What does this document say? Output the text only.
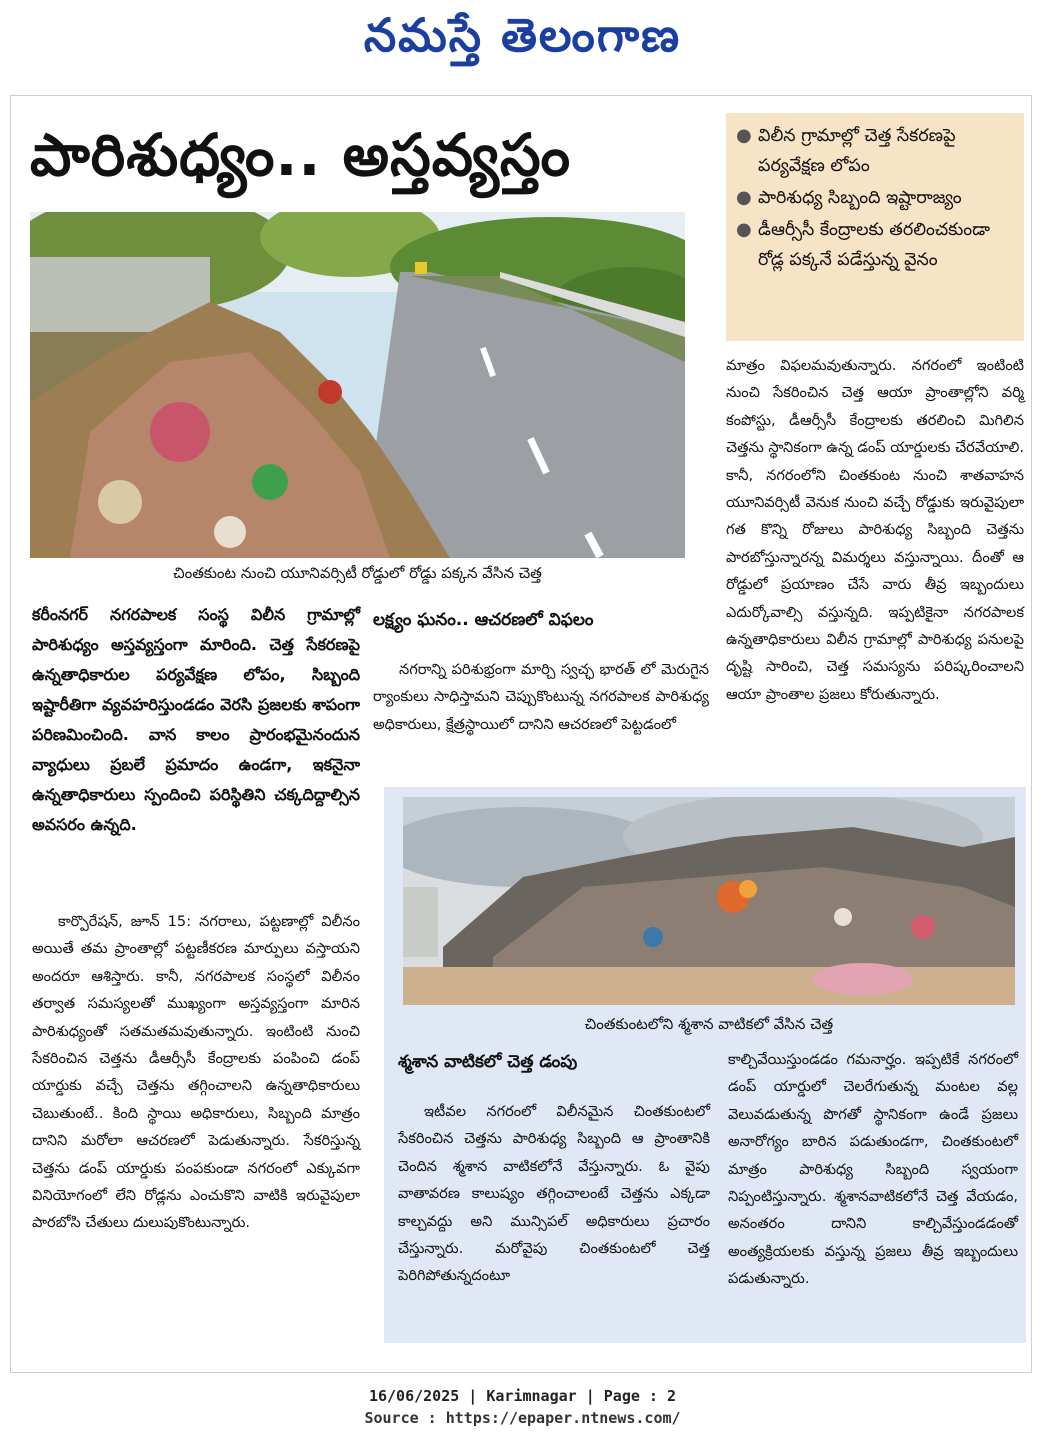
నమస్తే తెలంగాణ
పారిశుధ్యం.. అస్తవ్యస్తం	● విలీన గ్రామాల్లో చెత్త సేకరణపై పర్యవేక్షణ లోపం
● పారిశుధ్య సిబ్బంది ఇష్టారాజ్యం
● డీఆర్సీసీ కేంద్రాలకు తరలించకుండా రోడ్ల పక్కనే పడేస్తున్న వైనం
చింతకుంట నుంచి యూనివర్సిటీ రోడ్డులో రోడ్డు పక్కన వేసిన చెత్త
కరీంనగర్ నగరపాలక సంస్థ విలీన గ్రామాల్లో పారిశుధ్యం అస్తవ్యస్తంగా మారింది. చెత్త సేకరణపై ఉన్నతాధికారుల పర్యవేక్షణ లోపం, సిబ్బంది ఇష్టారీతిగా వ్యవహరిస్తుండడం వెరసి ప్రజలకు శాపంగా పరిణమించింది. వాన కాలం ప్రారంభమైనందున వ్యాధులు ప్రబలే ప్రమాదం ఉండగా, ఇకనైనా ఉన్నతాధికారులు స్పందించి పరిస్థితిని చక్కదిద్దాల్సిన అవసరం ఉన్నది.

కార్పొరేషన్, జూన్ 15: నగరాలు, పట్టణాల్లో విలీనం అయితే తమ ప్రాంతాల్లో పట్టణీకరణ మార్పులు వస్తాయని అందరూ ఆశిస్తారు. కానీ, నగరపాలక సంస్థలో విలీనం తర్వాత సమస్యలతో ముఖ్యంగా అస్తవ్యస్తంగా మారిన పారిశుధ్యంతో సతమతమవుతున్నారు. ఇంటింటి నుంచి సేకరించిన చెత్తను డీఆర్సీసీ కేంద్రాలకు పంపించి డంప్ యార్డుకు వచ్చే చెత్తను తగ్గించాలని ఉన్నతాధికారులు చెబుతుంటే.. కింది స్థాయి అధికారులు, సిబ్బంది మాత్రం దానిని మరోలా ఆచరణలో పెడుతున్నారు. సేకరిస్తున్న చెత్తను డంప్ యార్డుకు పంపకుండా నగరంలో ఎక్కువగా వినియోగంలో లేని రోడ్లను ఎంచుకొని వాటికి ఇరువైపులా పారబోసి చేతులు దులుపుకొంటున్నారు.

లక్ష్యం ఘనం.. ఆచరణలో విఫలం

నగరాన్ని పరిశుభ్రంగా మార్చి స్వచ్ఛ భారత్ లో మెరుగైన ర్యాంకులు సాధిస్తామని చెప్పుకొంటున్న నగరపాలక పారిశుధ్య అధికారులు, క్షేత్రస్థాయిలో దానిని ఆచరణలో పెట్టడంలో

మాత్రం విఫలమవుతున్నారు. నగరంలో ఇంటింటి నుంచి సేకరించిన చెత్త ఆయా ప్రాంతాల్లోని వర్మి కంపోస్టు, డీఆర్సీసీ కేంద్రాలకు తరలించి మిగిలిన చెత్తను స్థానికంగా ఉన్న డంప్ యార్డులకు చేరవేయాలి. కానీ, నగరంలోని చింతకుంట నుంచి శాతవాహన యూనివర్సిటీ వెనుక నుంచి వచ్చే రోడ్డుకు ఇరువైపులా గత కొన్ని రోజులు పారిశుధ్య సిబ్బంది చెత్తను పారబోస్తున్నారన్న విమర్శలు వస్తున్నాయి. దీంతో ఆ రోడ్డులో ప్రయాణం చేసే వారు తీవ్ర ఇబ్బందులు ఎదుర్కోవాల్సి వస్తున్నది. ఇప్పటికైనా నగరపాలక ఉన్నతాధికారులు విలీన గ్రామాల్లో పారిశుధ్య పనులపై దృష్టి సారించి, చెత్త సమస్యను పరిష్కరించాలని ఆయా ప్రాంతాల ప్రజలు కోరుతున్నారు.

చింతకుంటలోని శ్మశాన వాటికలో వేసిన చెత్త
శ్మశాన వాటికలో చెత్త డంపు

ఇటీవల నగరంలో విలీనమైన చింతకుంటలో సేకరించిన చెత్తను పారిశుధ్య సిబ్బంది ఆ ప్రాంతానికి చెందిన శ్మశాన వాటికలోనే వేస్తున్నారు. ఓ వైపు వాతావరణ కాలుష్యం తగ్గించాలంటే చెత్తను ఎక్కడా కాల్చవద్దు అని మున్సిపల్ అధికారులు ప్రచారం చేస్తున్నారు. మరోవైపు చింతకుంటలో చెత్త పెరిగిపోతున్నదంటూ

కాల్చివేయిస్తుండడం గమనార్హం. ఇప్పటికే నగరంలో డంప్ యార్డులో చెలరేగుతున్న మంటల వల్ల వెలువడుతున్న పొగతో స్థానికంగా ఉండే ప్రజలు అనారోగ్యం బారిన పడుతుండగా, చింతకుంటలో మాత్రం పారిశుధ్య సిబ్బంది స్వయంగా నిప్పంటిస్తున్నారు. శ్మశానవాటికలోనే చెత్త వేయడం, అనంతరం దానిని కాల్చివేస్తుండడంతో అంత్యక్రియలకు వస్తున్న ప్రజలు తీవ్ర ఇబ్బందులు పడుతున్నారు.

16/06/2025 | Karimnagar | Page : 2
Source : https://epaper.ntnews.com/
